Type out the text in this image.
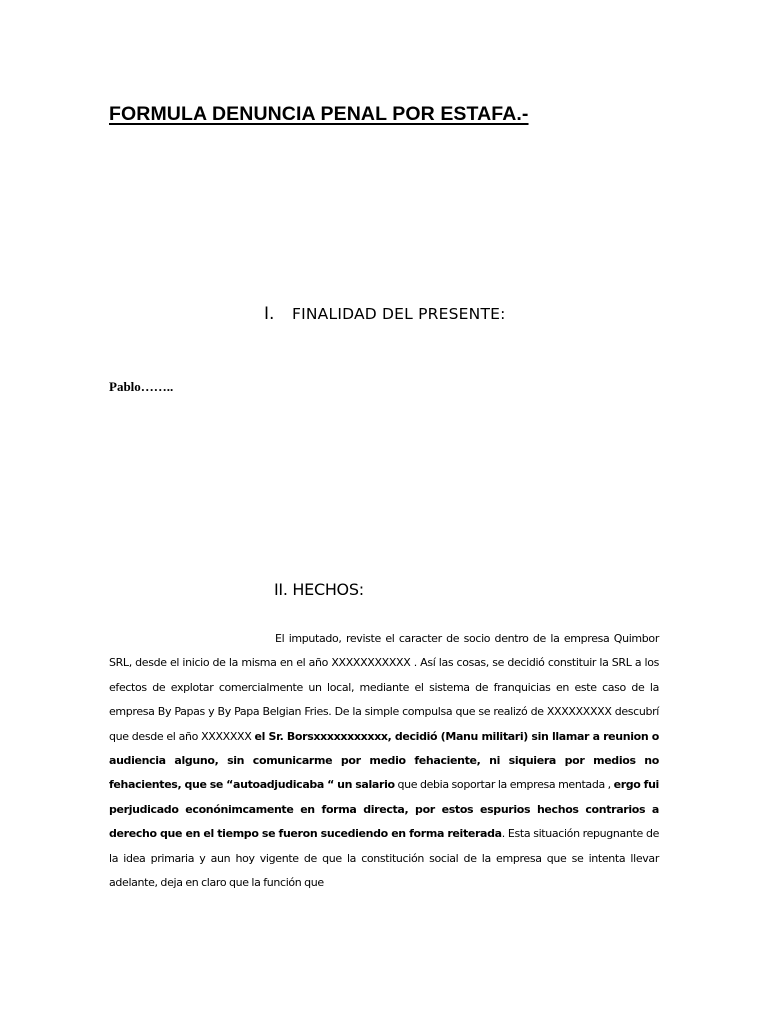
FORMULA DENUNCIA PENAL POR ESTAFA.-
I. FINALIDAD DEL PRESENTE:

Pablo……..

II. HECHOS:

El imputado, reviste el caracter de socio dentro de la empresa Quimbor SRL, desde el inicio de la misma en el año XXXXXXXXXXX . Así las cosas, se decidió constituir la SRL a los efectos de explotar comercialmente un local, mediante el sistema de franquicias en este caso de la empresa By Papas y By Papa Belgian Fries. De la simple compulsa que se realizó de XXXXXXXXX descubrí que desde el año XXXXXXX el Sr. Borsxxxxxxxxxxx, decidió (Manu militari) sin llamar a reunion o audiencia alguno, sin comunicarme por medio fehaciente, ni siquiera por medios no fehacientes, que se “autoadjudicaba “ un salario que debia soportar la empresa mentada , ergo fui perjudicado econónimcamente en forma directa, por estos espurios hechos contrarios a derecho que en el tiempo se fueron sucediendo en forma reiterada. Esta situación repugnante de la idea primaria y aun hoy vigente de que la constitución social de la empresa que se intenta llevar adelante, deja en claro que la función que
